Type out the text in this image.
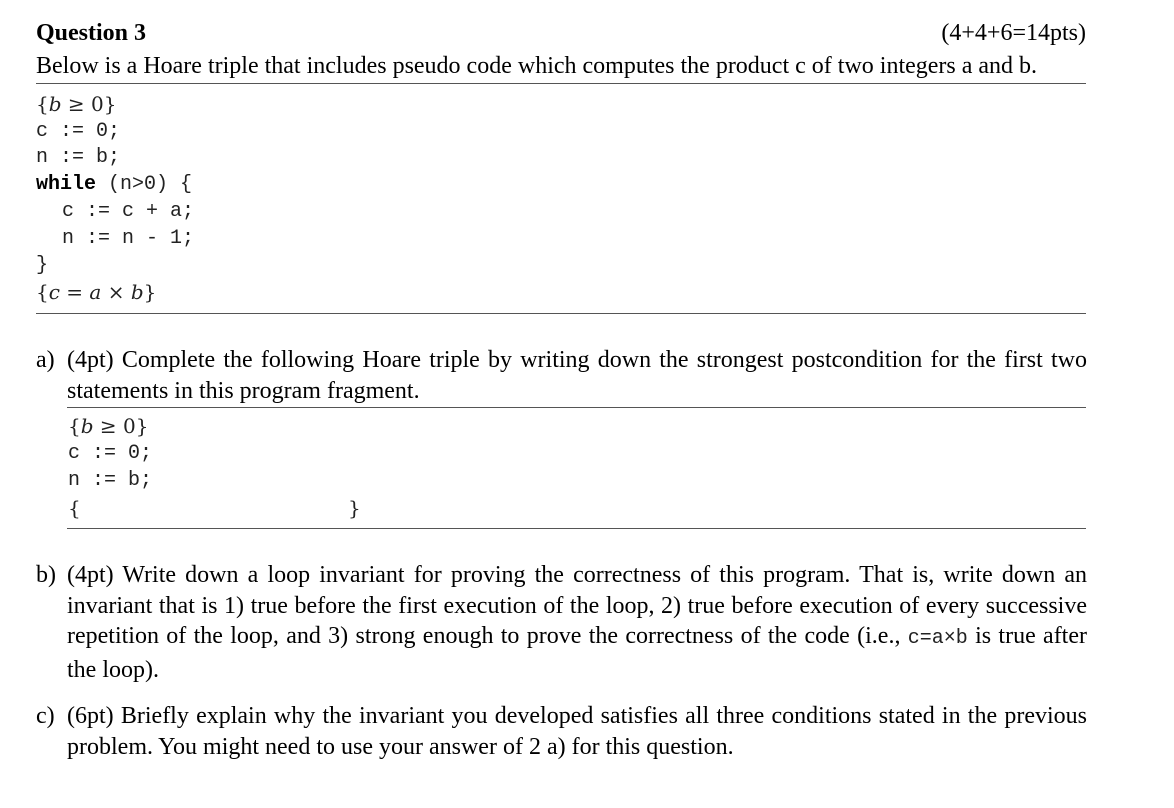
Question 3	(4+4+6=14pts)
Below is a Hoare triple that includes pseudo code which computes the product c of two integers a and b.
{b ≥ 0}
c := 0;
n := b;
while (n>0) {
c := c + a;
n := n - 1;
}
{c = a × b}
a) (4pt) Complete the following Hoare triple by writing down the strongest postcondition for the first two statements in this program fragment.
{b ≥ 0}
c := 0;
n := b;
{	}
b) (4pt) Write down a loop invariant for proving the correctness of this program. That is, write down an invariant that is 1) true before the first execution of the loop, 2) true before execution of every successive repetition of the loop, and 3) strong enough to prove the correctness of the code (i.e., c=a×b is true after the loop).
c) (6pt) Briefly explain why the invariant you developed satisfies all three conditions stated in the previous problem. You might need to use your answer of 2 a) for this question.
